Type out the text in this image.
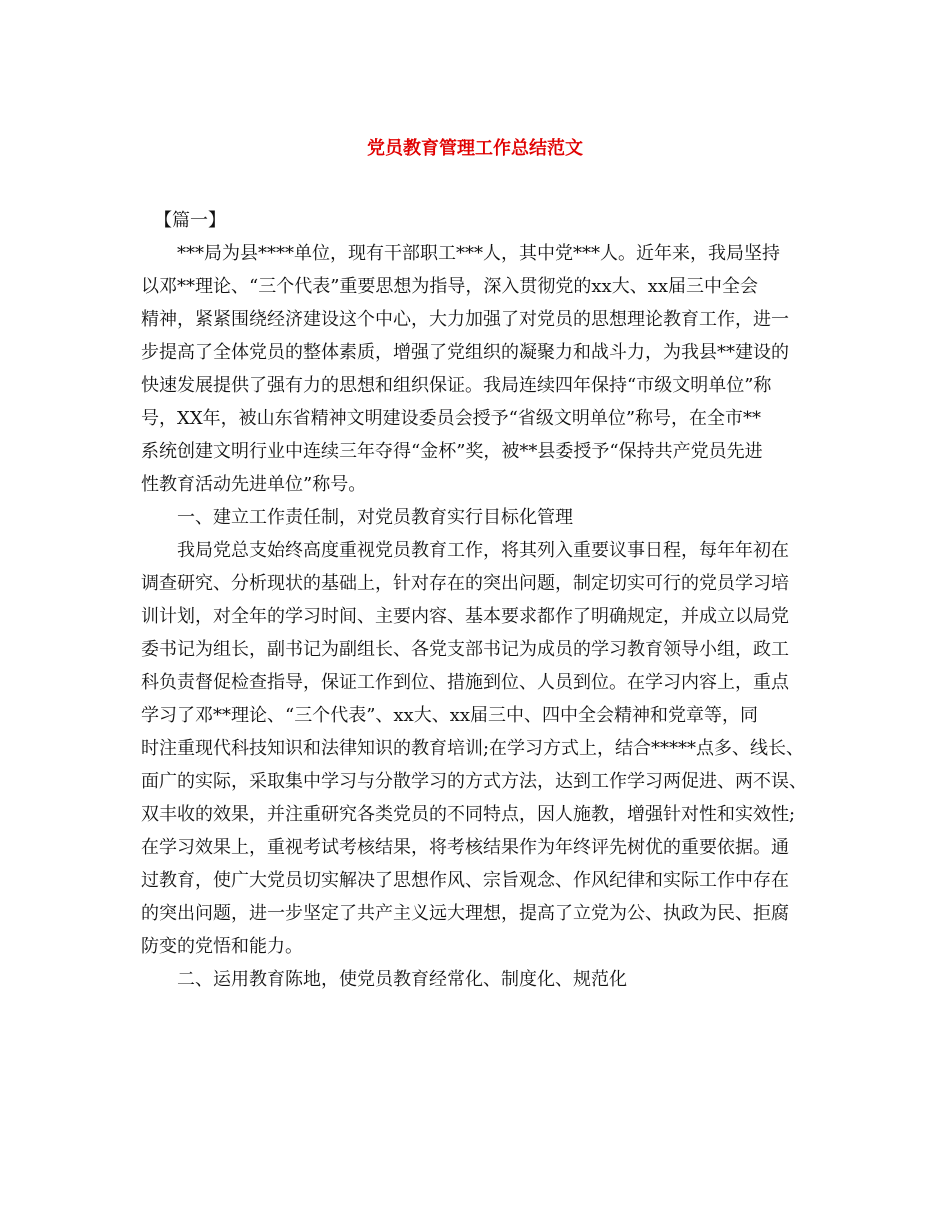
党员教育管理工作总结范文
【篇一】
***局为县****单位，现有干部职工***人，其中党***人。近年来，我局坚持
以邓**理论、“三个代表”重要思想为指导，深入贯彻党的xx大、xx届三中全会
精神，紧紧围绕经济建设这个中心，大力加强了对党员的思想理论教育工作，进一
步提高了全体党员的整体素质，增强了党组织的凝聚力和战斗力，为我县**建设的
快速发展提供了强有力的思想和组织保证。我局连续四年保持“市级文明单位”称
号，XX年，被山东省精神文明建设委员会授予“省级文明单位”称号，在全市**
系统创建文明行业中连续三年夺得“金杯”奖，被**县委授予“保持共产党员先进
性教育活动先进单位”称号。
一、建立工作责任制，对党员教育实行目标化管理
我局党总支始终高度重视党员教育工作，将其列入重要议事日程，每年年初在
调查研究、分析现状的基础上，针对存在的突出问题，制定切实可行的党员学习培
训计划，对全年的学习时间、主要内容、基本要求都作了明确规定，并成立以局党
委书记为组长，副书记为副组长、各党支部书记为成员的学习教育领导小组，政工
科负责督促检查指导，保证工作到位、措施到位、人员到位。在学习内容上，重点
学习了邓**理论、“三个代表”、xx大、xx届三中、四中全会精神和党章等，同
时注重现代科技知识和法律知识的教育培训;在学习方式上，结合*****点多、线长、
面广的实际，采取集中学习与分散学习的方式方法，达到工作学习两促进、两不误、
双丰收的效果，并注重研究各类党员的不同特点，因人施教，增强针对性和实效性;
在学习效果上，重视考试考核结果，将考核结果作为年终评先树优的重要依据。通
过教育，使广大党员切实解决了思想作风、宗旨观念、作风纪律和实际工作中存在
的突出问题，进一步坚定了共产主义远大理想，提高了立党为公、执政为民、拒腐
防变的党悟和能力。
二、运用教育陈地，使党员教育经常化、制度化、规范化
